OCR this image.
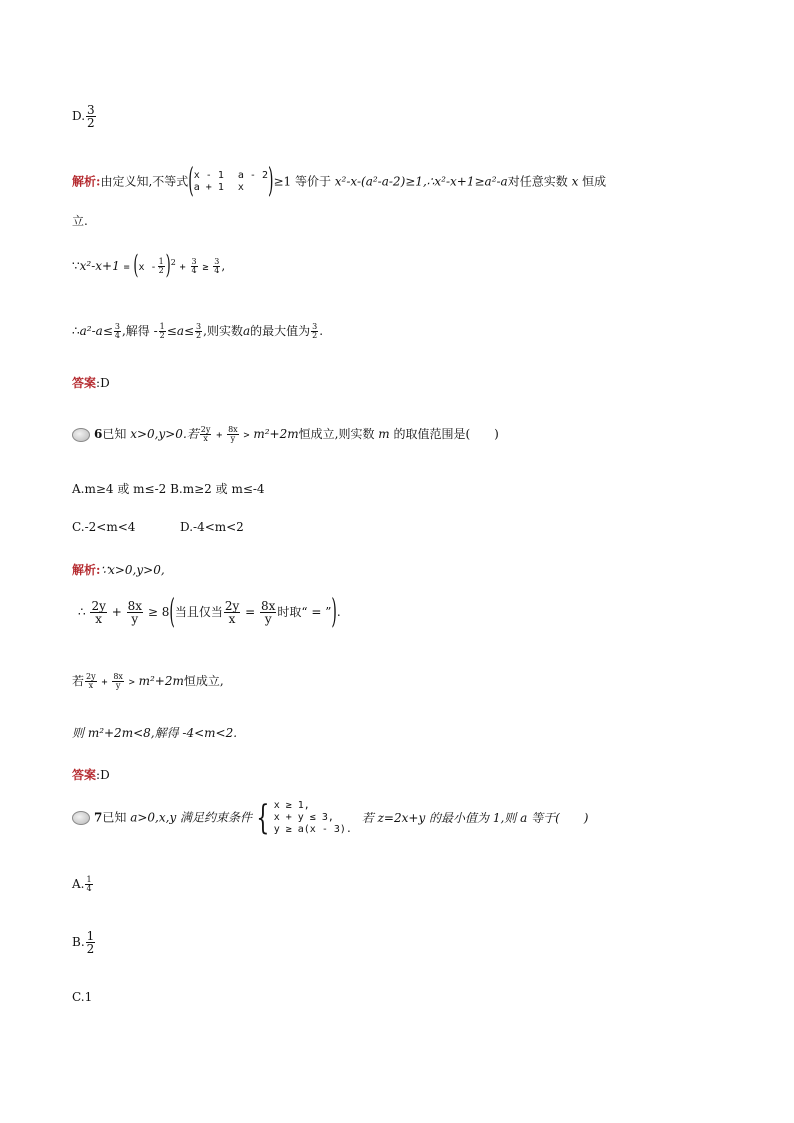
D. $\frac{3}{2}$
解析:由定义知,不等式( x - 1 a - 2
a + 1 x	)≥1 等价于 x²-x-(a²-a-2)≥1,∴x²-x+1≥a²-a对任意实数 x 恒成
立.
∵x²-x+1 = $(x - \frac{1}{2} )^2 + \frac{3}{4} \ge \frac{3}{4}$ ,
∴a²-a≤ $\frac{3}{4}$ ,解得 - $\frac{1}{2} \le a\le \frac{3}{2}$ ,则实数a的最大值为 $\frac{3}{2}$ .
答案:D
6已知 x>0,y>0.若 $\frac{2y}{x} + \frac{8x}{y} > m^2+2m$恒成立,则实数 m 的取值范围是(　　)
A.m≥4 或 m≤-2 B.m≥2 或 m≤-4
C.-2<m<4	D.-4<m<2
解析:∵x>0,y>0,
∴ $\frac{2y}{x} + \frac{8x}{y} \ge 8$(当且仅当 $\frac{2y}{x} = \frac{8x}{y}$ 时取“ = ”).
若 $\frac{2y}{x} + \frac{8x}{y} > m^2+2m$恒成立,
则 m²+2m<8,解得 -4<m<2.
答案:D
7已知 a>0,x,y 满足约束条件 { x ≥ 1,
x + y ≤ 3,
y ≥ a(x - 3).
若 z=2x+y 的最小值为 1,则 a 等于(　　)
A. $\frac{1}{4}$
B. $\frac{1}{2}$
C.1
